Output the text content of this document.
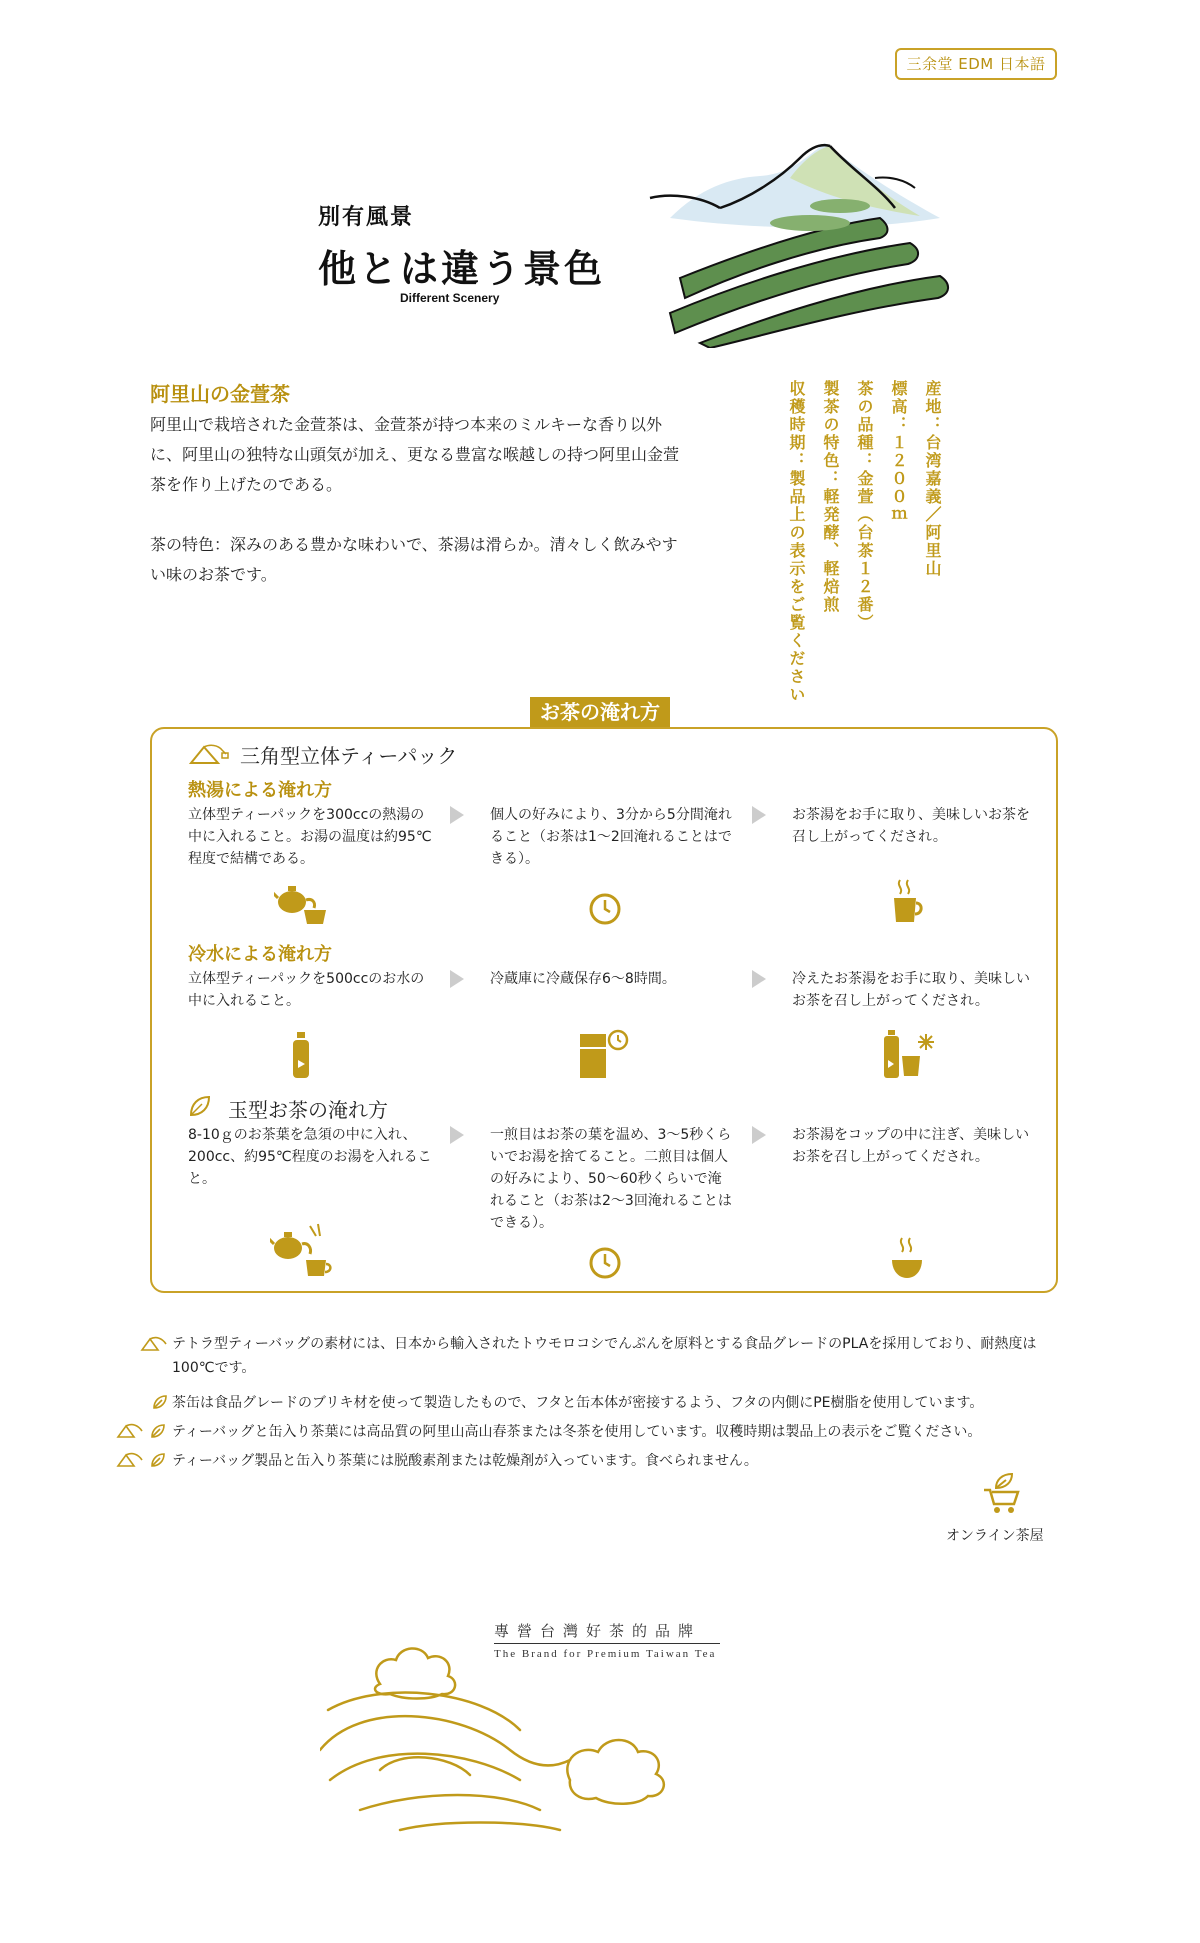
三余堂 EDM 日本語
別有風景
他とは違う景色
Different Scenery
阿里山の金萱茶

阿里山で栽培された金萱茶は、金萱茶が持つ本来のミルキーな香り以外に、阿里山の独特な山頭気が加え、更なる豊富な喉越しの持つ阿里山金萱茶を作り上げたのである。

茶の特色：深みのある豊かな味わいで、茶湯は滑らか。清々しく飲みやすい味のお茶です。	産地：台湾嘉義／阿里山
標高：１２００ｍ
茶の品種：金萱（台茶１２番）
製茶の特色：軽発酵、軽焙煎
収穫時期：製品上の表示をご覧ください
お茶の淹れ方
三角型立体ティーパック
熱湯による淹れ方
立体型ティーパックを300ccの熱湯の中に入れること。お湯の温度は約95℃程度で結構である。
個人の好みにより、3分から5分間淹れること（お茶は1〜2回淹れることはできる）。
お茶湯をお手に取り、美味しいお茶を召し上がってくだされ。
冷水による淹れ方
立体型ティーパックを500ccのお水の中に入れること。
冷蔵庫に冷蔵保存6〜8時間。	冷えたお茶湯をお手に取り、美味しいお茶を召し上がってくだされ。
玉型お茶の淹れ方
8-10ｇのお茶葉を急須の中に入れ、200cc、約95℃程度のお湯を入れること。
一煎目はお茶の葉を温め、3〜5秒くらいでお湯を捨てること。二煎目は個人の好みにより、50〜60秒くらいで淹れること（お茶は2〜3回淹れることはできる）。
お茶湯をコップの中に注ぎ、美味しいお茶を召し上がってくだされ。
テトラ型ティーバッグの素材には、日本から輸入されたトウモロコシでんぷんを原料とする食品グレードのPLAを採用しており、耐熱度は100℃です。
茶缶は食品グレードのブリキ材を使って製造したもので、フタと缶本体が密接するよう、フタの内側にPE樹脂を使用しています。
ティーバッグと缶入り茶葉には高品質の阿里山高山春茶または冬茶を使用しています。収穫時期は製品上の表示をご覧ください。
ティーバッグ製品と缶入り茶葉には脱酸素剤または乾燥剤が入っています。食べられません。
オンライン茶屋
專營台灣好茶的品牌
The Brand for Premium Taiwan Tea
